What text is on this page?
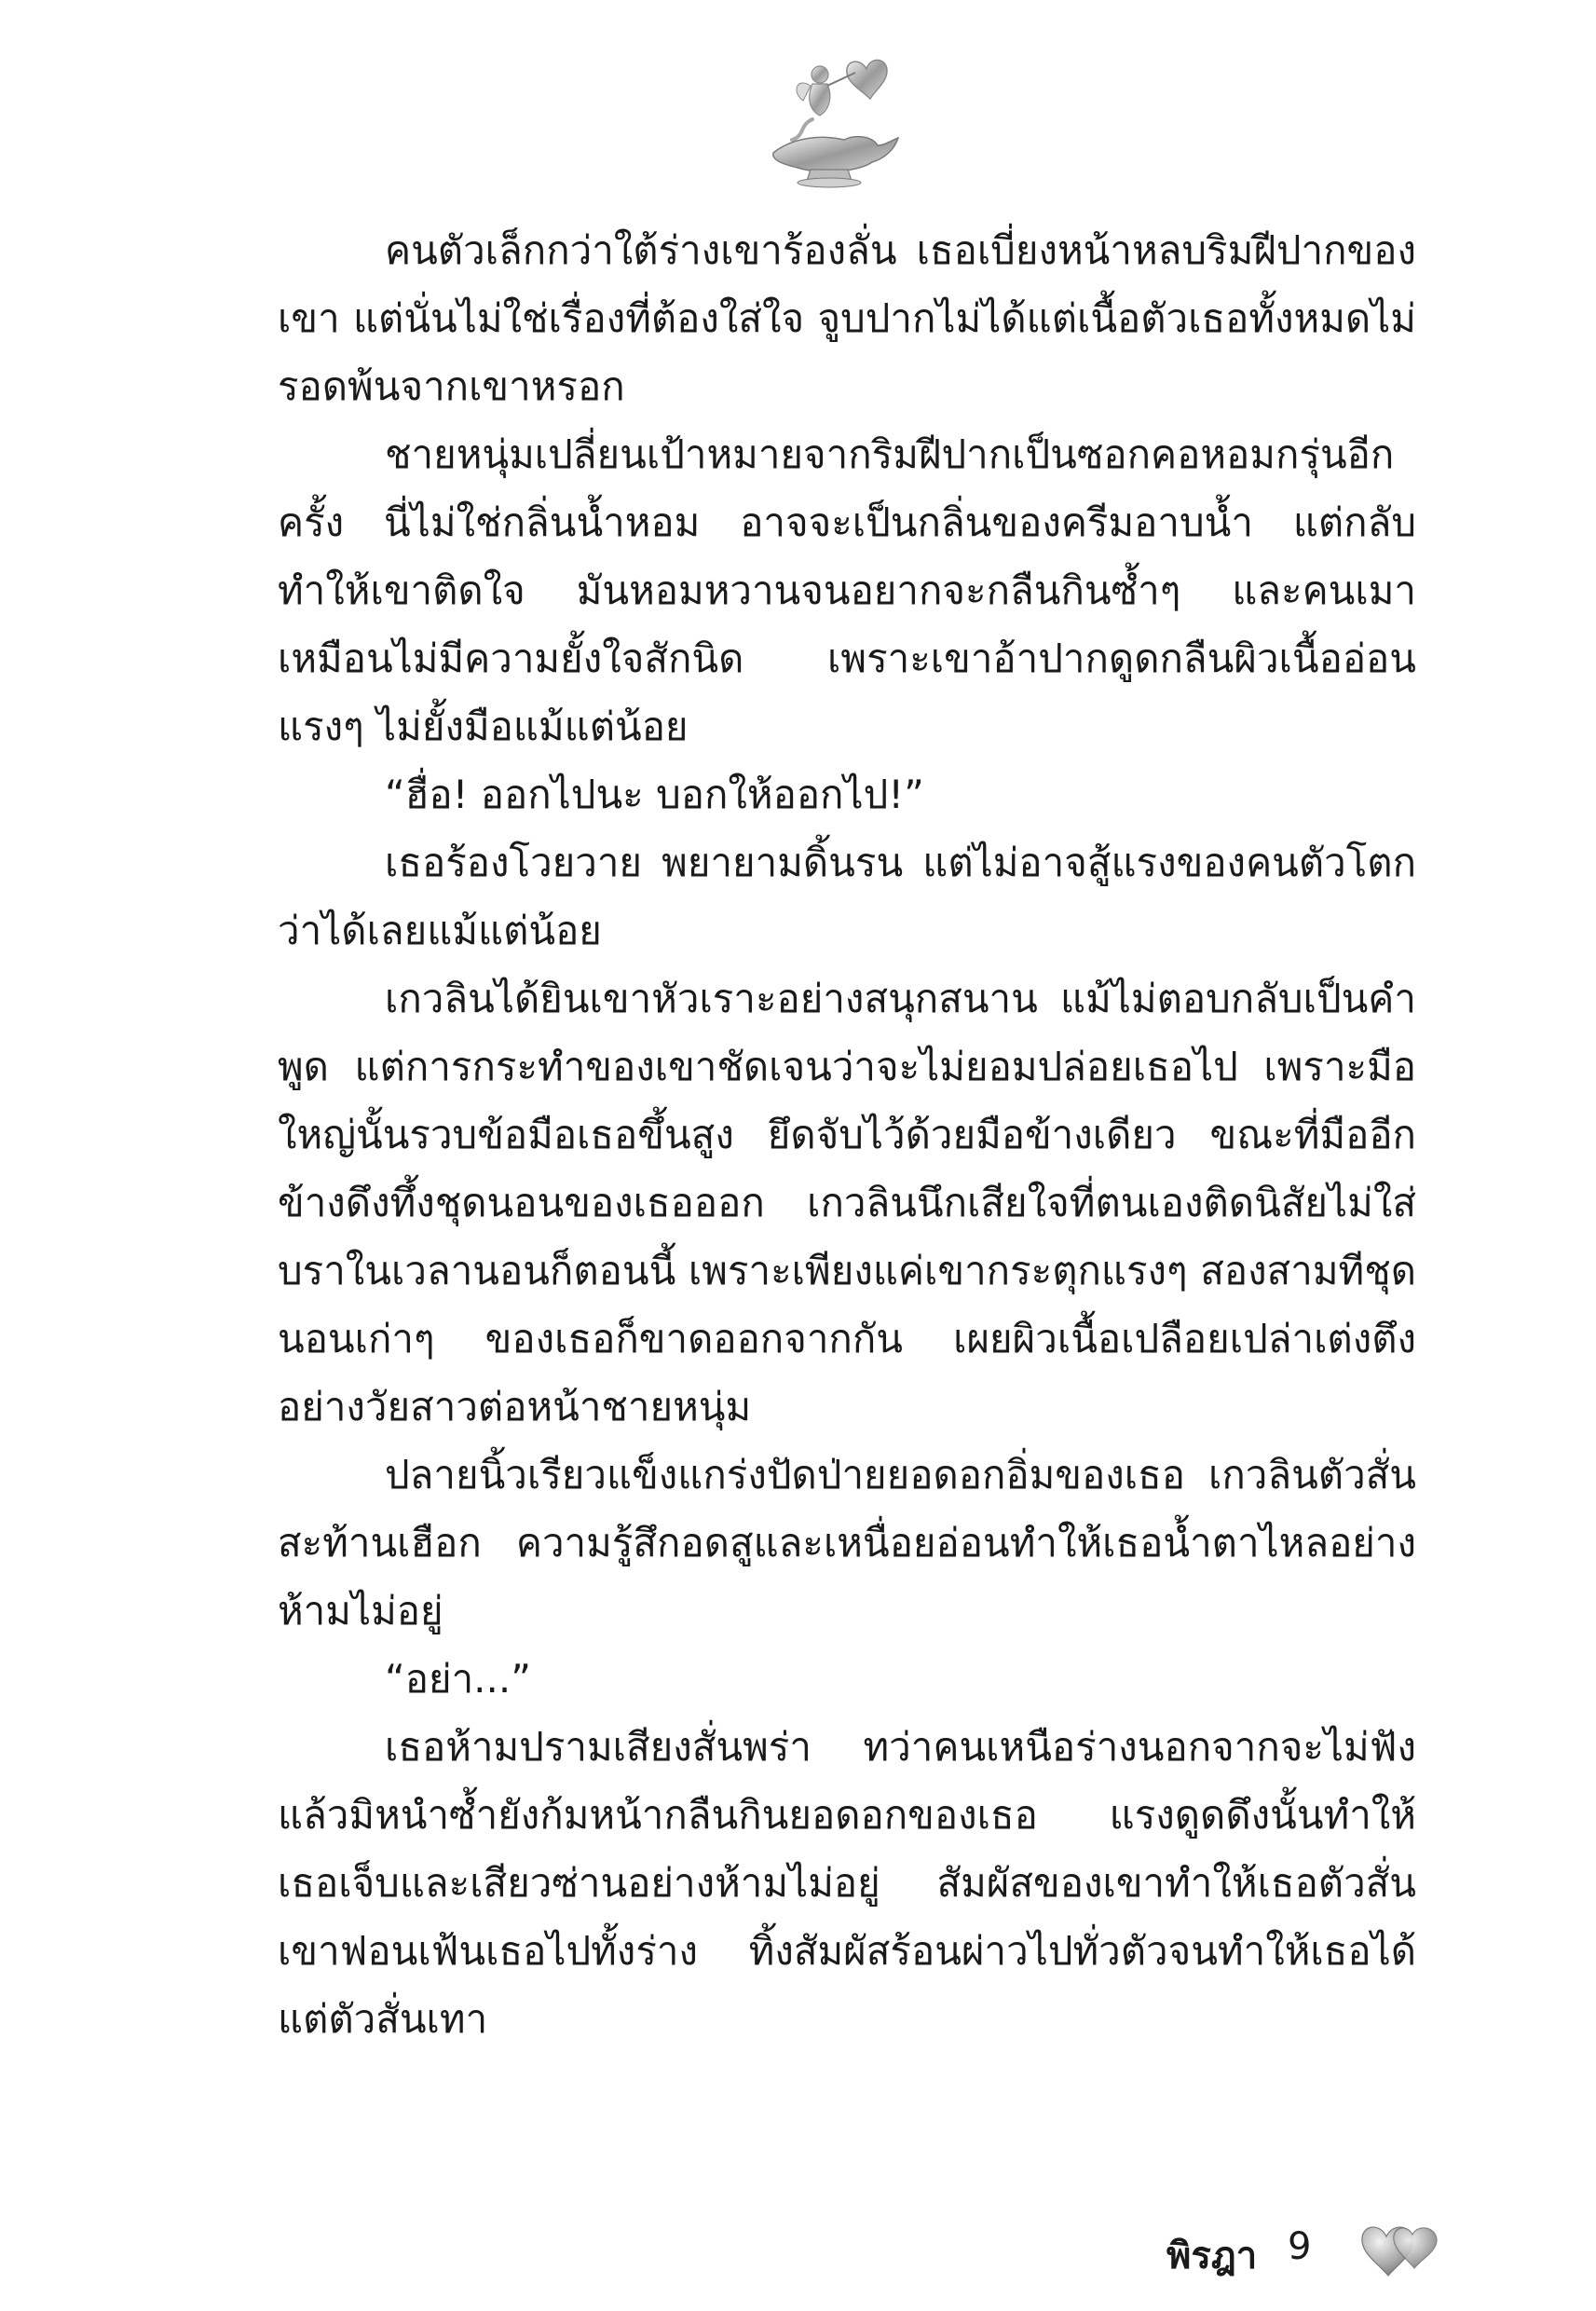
คนตัวเล็กกว่าใต้ร่างเขาร้องลั่น เธอเบี่ยงหน้าหลบริมฝีปากของเขา แต่นั่นไม่ใช่เรื่องที่ต้องใส่ใจ จูบปากไม่ได้แต่เนื้อตัวเธอทั้งหมดไม่รอดพ้นจากเขาหรอก

ชายหนุ่มเปลี่ยนเป้าหมายจากริมฝีปากเป็นซอกคอหอมกรุ่นอีกครั้ง นี่ไม่ใช่กลิ่นน้ำหอม อาจจะเป็นกลิ่นของครีมอาบน้ำ แต่กลับทำให้เขาติดใจ มันหอมหวานจนอยากจะกลืนกินซ้ำๆ และคนเมาเหมือนไม่มีความยั้งใจสักนิด เพราะเขาอ้าปากดูดกลืนผิวเนื้ออ่อนแรงๆ ไม่ยั้งมือแม้แต่น้อย

“ฮื่อ! ออกไปนะ บอกให้ออกไป!”

เธอร้องโวยวาย พยายามดิ้นรน แต่ไม่อาจสู้แรงของคนตัวโตกว่าได้เลยแม้แต่น้อย

เกวลินได้ยินเขาหัวเราะอย่างสนุกสนาน แม้ไม่ตอบกลับเป็นคำพูด แต่การกระทำของเขาชัดเจนว่าจะไม่ยอมปล่อยเธอไป เพราะมือใหญ่นั้นรวบข้อมือเธอขึ้นสูง ยึดจับไว้ด้วยมือข้างเดียว ขณะที่มืออีกข้างดึงทึ้งชุดนอนของเธอออก เกวลินนึกเสียใจที่ตนเองติดนิสัยไม่ใส่บราในเวลานอนก็ตอนนี้ เพราะเพียงแค่เขากระตุกแรงๆ สองสามทีชุดนอนเก่าๆ ของเธอก็ขาดออกจากกัน เผยผิวเนื้อเปลือยเปล่าเต่งตึงอย่างวัยสาวต่อหน้าชายหนุ่ม

ปลายนิ้วเรียวแข็งแกร่งปัดป่ายยอดอกอิ่มของเธอ เกวลินตัวสั่น สะท้านเฮือก ความรู้สึกอดสูและเหนื่อยอ่อนทำให้เธอน้ำตาไหลอย่างห้ามไม่อยู่

“อย่า...”

เธอห้ามปรามเสียงสั่นพร่า ทว่าคนเหนือร่างนอกจากจะไม่ฟังแล้วมิหนำซ้ำยังก้มหน้ากลืนกินยอดอกของเธอ แรงดูดดึงนั้นทำให้เธอเจ็บและเสียวซ่านอย่างห้ามไม่อยู่ สัมผัสของเขาทำให้เธอตัวสั่น เขาฟอนเฟ้นเธอไปทั้งร่าง ทิ้งสัมผัสร้อนผ่าวไปทั่วตัวจนทำให้เธอได้แต่ตัวสั่นเทา

พิรฎา 9
